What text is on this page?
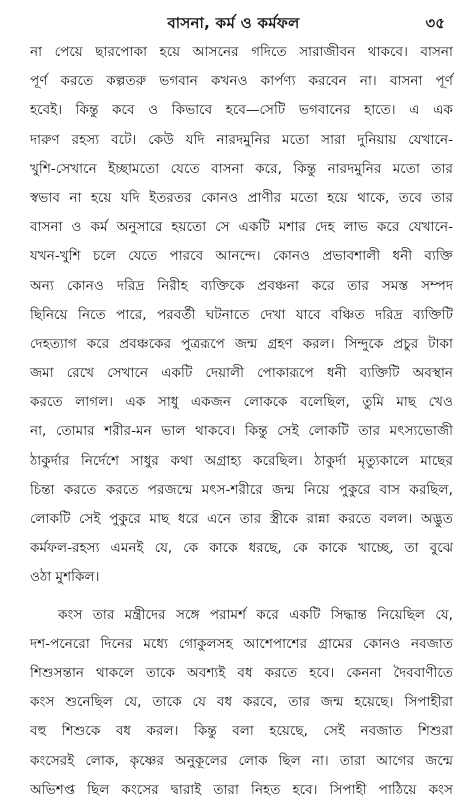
বাসনা, কর্ম ও কর্মফল	৩৫
না পেয়ে ছারপোকা হয়ে আসনের গদিতে সারাজীবন থাকবে। বাসনা
পূর্ণ করতে কল্পতরু ভগবান কখনও কার্পণ্য করবেন না। বাসনা পূর্ণ
হবেই। কিন্তু কবে ও কিভাবে হবে—সেটি ভগবানের হাতে। এ এক
দারুণ রহস্য বটে। কেউ যদি নারদমুনির মতো সারা দুনিয়ায় যেখানে-
খুশি-সেখানে ইচ্ছামতো যেতে বাসনা করে, কিন্তু নারদমুনির মতো তার
স্বভাব না হয়ে যদি ইতরতর কোনও প্রাণীর মতো হয়ে থাকে, তবে তার
বাসনা ও কর্ম অনুসারে হয়তো সে একটি মশার দেহ লাভ করে যেখানে-
যখন-খুশি চলে যেতে পারবে আনন্দে। কোনও প্রভাবশালী ধনী ব্যক্তি
অন্য কোনও দরিদ্র নিরীহ ব্যক্তিকে প্রবঞ্চনা করে তার সমস্ত সম্পদ
ছিনিয়ে নিতে পারে, পরবর্তী ঘটনাতে দেখা যাবে বঞ্চিত দরিদ্র ব্যক্তিটি
দেহত্যাগ করে প্রবঞ্চকের পুত্ররূপে জন্ম গ্রহণ করল। সিন্দুকে প্রচুর টাকা
জমা রেখে সেখানে একটি দেয়ালী পোকারূপে ধনী ব্যক্তিটি অবস্থান
করতে লাগল। এক সাধু একজন লোককে বলেছিল, তুমি মাছ খেও
না, তোমার শরীর-মন ভাল থাকবে। কিন্তু সেই লোকটি তার মৎস্যভোজী
ঠাকুর্দার নির্দেশে সাধুর কথা অগ্রাহ্য করেছিল। ঠাকুর্দা মৃত্যুকালে মাছের
চিন্তা করতে করতে পরজন্মে মৎস-শরীরে জন্ম নিয়ে পুকুরে বাস করছিল,
লোকটি সেই পুকুরে মাছ ধরে এনে তার স্ত্রীকে রান্না করতে বলল। অদ্ভুত
কর্মফল-রহস্য এমনই যে, কে কাকে ধরছে, কে কাকে খাচ্ছে, তা বুঝে
ওঠা মুশকিল।
কংস তার মন্ত্রীদের সঙ্গে পরামর্শ করে একটি সিদ্ধান্ত নিয়েছিল যে,
দশ-পনেরো দিনের মধ্যে গোকুলসহ আশেপাশের গ্রামের কোনও নবজাত
শিশুসন্তান থাকলে তাকে অবশ্যই বধ করতে হবে। কেননা দৈববাণীতে
কংস শুনেছিল যে, তাকে যে বধ করবে, তার জন্ম হয়েছে। সিপাহীরা
বহু শিশুকে বধ করল। কিন্তু বলা হয়েছে, সেই নবজাত শিশুরা
কংসেরই লোক, কৃষ্ণের অনুকূলের লোক ছিল না। তারা আগের জন্মে
অভিশপ্ত ছিল কংসের দ্বারাই তারা নিহত হবে। সিপাহী পাঠিয়ে কংস
